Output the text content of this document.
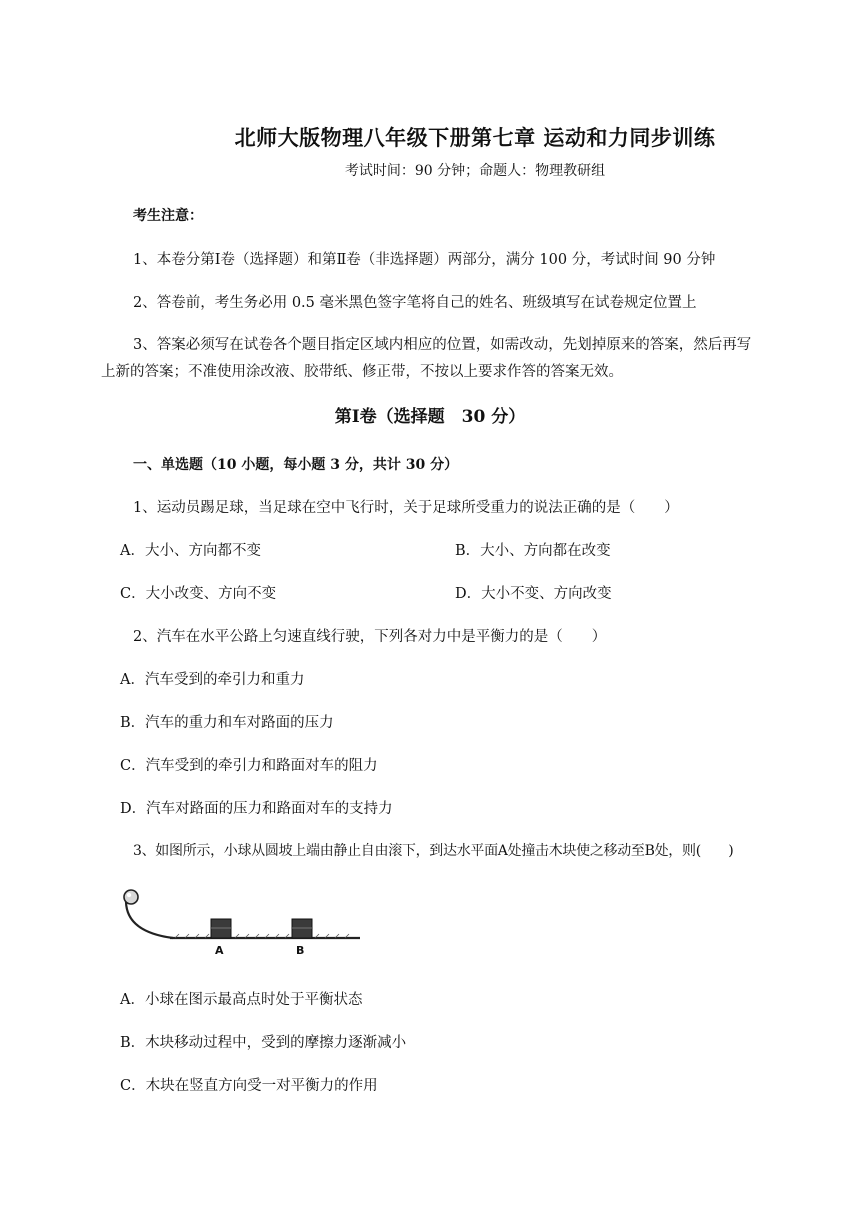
北师大版物理八年级下册第七章 运动和力同步训练
考试时间：90 分钟；命题人：物理教研组
考生注意：
1、本卷分第Ⅰ卷（选择题）和第Ⅱ卷（非选择题）两部分，满分 100 分，考试时间 90 分钟
2、答卷前，考生务必用 0.5 毫米黑色签字笔将自己的姓名、班级填写在试卷规定位置上
3、答案必须写在试卷各个题目指定区域内相应的位置，如需改动，先划掉原来的答案，然后再写
上新的答案；不准使用涂改液、胶带纸、修正带，不按以上要求作答的答案无效。
第Ⅰ卷（选择题　30 分）
一、单选题（10 小题，每小题 3 分，共计 30 分）
1、运动员踢足球，当足球在空中飞行时，关于足球所受重力的说法正确的是（　　）
A．大小、方向都不变	B．大小、方向都在改变
C．大小改变、方向不变	D．大小不变、方向改变
2、汽车在水平公路上匀速直线行驶，下列各对力中是平衡力的是（　　）
A．汽车受到的牵引力和重力
B．汽车的重力和车对路面的压力
C．汽车受到的牵引力和路面对车的阻力
D．汽车对路面的压力和路面对车的支持力
3、如图所示，小球从圆坡上端由静止自由滚下，到达水平面A处撞击木块使之移动至B处，则(　　)
A	B
A．小球在图示最高点时处于平衡状态
B．木块移动过程中，受到的摩擦力逐渐减小
C．木块在竖直方向受一对平衡力的作用
